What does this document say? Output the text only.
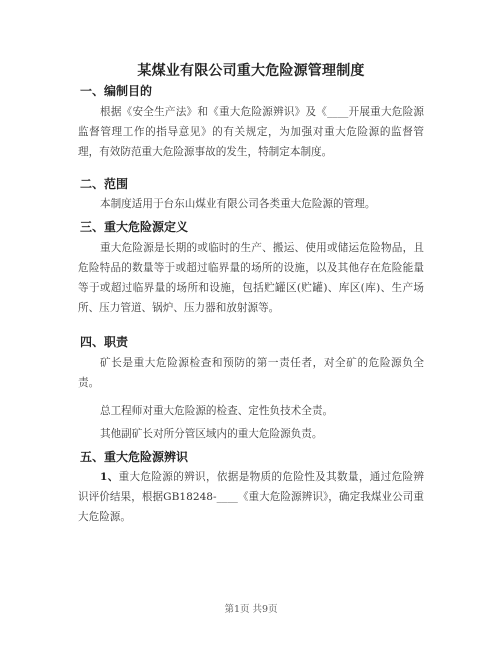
某煤业有限公司重大危险源管理制度
一、编制目的
根据《安全生产法》和《重大危险源辨识》及《____开展重大危险源监督管理工作的指导意见》的有关规定，为加强对重大危险源的监督管理，有效防范重大危险源事故的发生，特制定本制度。
二、范围
本制度适用于台东山煤业有限公司各类重大危险源的管理。
三、重大危险源定义
重大危险源是长期的或临时的生产、搬运、使用或储运危险物品，且危险特品的数量等于或超过临界量的场所的设施，以及其他存在危险能量等于或超过临界量的场所和设施，包括贮罐区(贮罐)、库区(库)、生产场所、压力管道、锅炉、压力器和放射源等。
四、职责
矿长是重大危险源检查和预防的第一责任者，对全矿的危险源负全责。
总工程师对重大危险源的检查、定性负技术全责。
其他副矿长对所分管区域内的重大危险源负责。
五、重大危险源辨识
1、重大危险源的辨识，依据是物质的危险性及其数量，通过危险辨识评价结果，根据GB18248-____《重大危险源辨识》，确定我煤业公司重大危险源。
第1页 共9页
